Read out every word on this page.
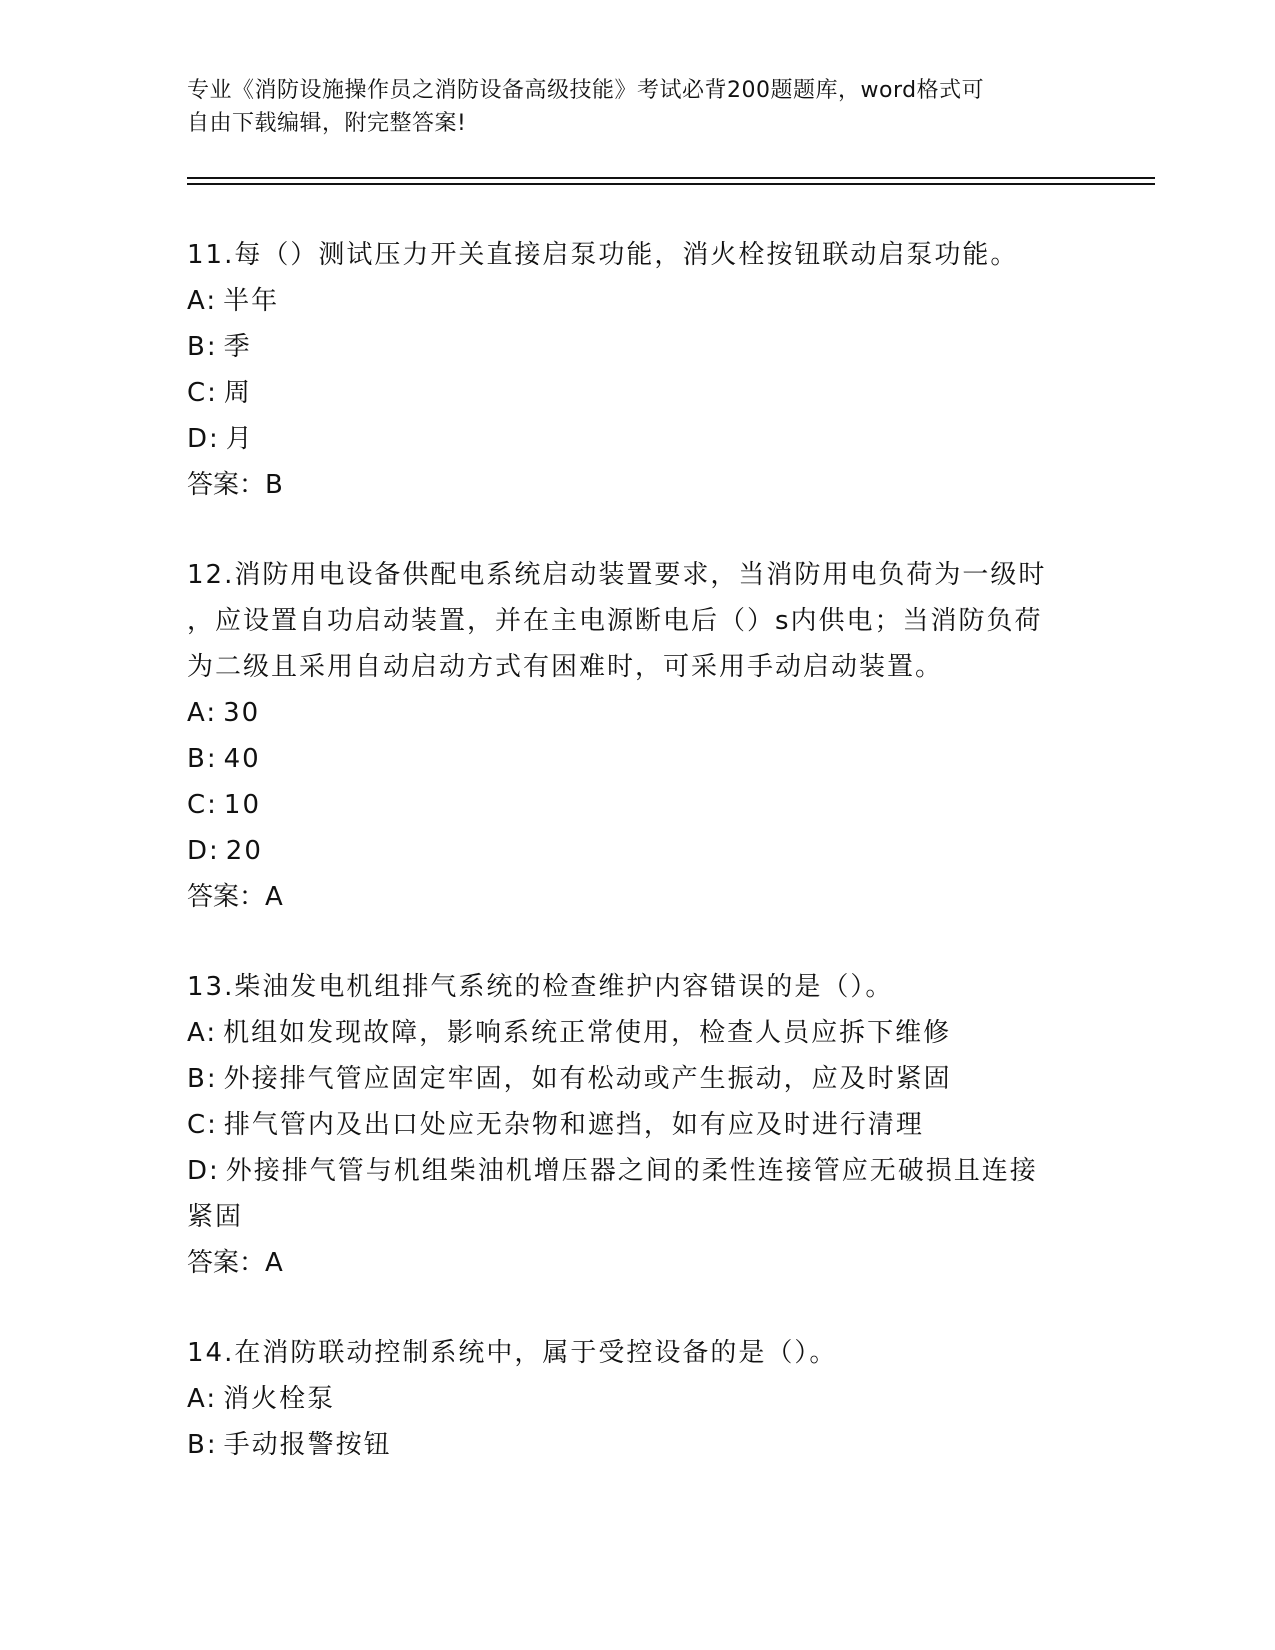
专业《消防设施操作员之消防设备高级技能》考试必背200题题库，word格式可
自由下载编辑，附完整答案!
11.每（）测试压力开关直接启泵功能，消火栓按钮联动启泵功能。
A: 半年
B: 季
C: 周
D: 月
答案：B
12.消防用电设备供配电系统启动装置要求，当消防用电负荷为一级时
，应设置自功启动装置，并在主电源断电后（）s内供电；当消防负荷
为二级且采用自动启动方式有困难时，可采用手动启动装置。
A: 30
B: 40
C: 10
D: 20
答案：A
13.柴油发电机组排气系统的检查维护内容错误的是（）。
A: 机组如发现故障，影响系统正常使用，检查人员应拆下维修
B: 外接排气管应固定牢固，如有松动或产生振动，应及时紧固
C: 排气管内及出口处应无杂物和遮挡，如有应及时进行清理
D: 外接排气管与机组柴油机增压器之间的柔性连接管应无破损且连接
紧固
答案：A
14.在消防联动控制系统中，属于受控设备的是（）。
A: 消火栓泵
B: 手动报警按钮
